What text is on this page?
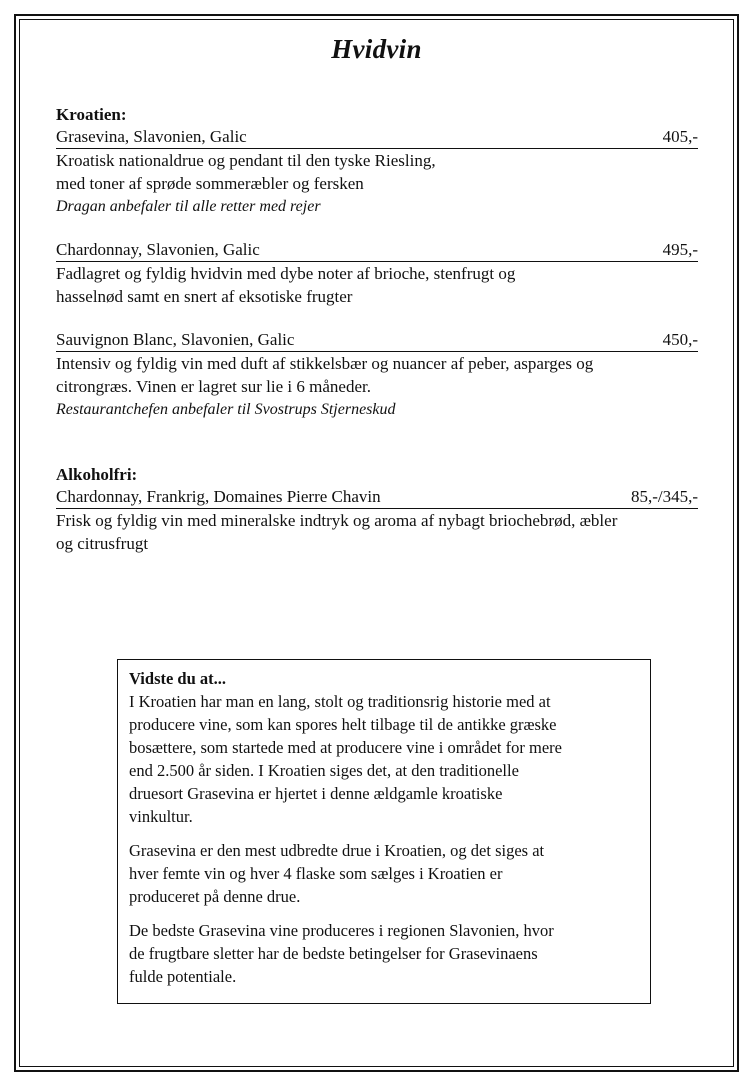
Hvidvin
Kroatien:
Grasevina, Slavonien, Galic	405,-
Kroatisk nationaldrue og pendant til den tyske Riesling,
med toner af sprøde sommeræbler og fersken
Dragan anbefaler til alle retter med rejer
Chardonnay, Slavonien, Galic	495,-
Fadlagret og fyldig hvidvin med dybe noter af brioche, stenfrugt og
hasselnød samt en snert af eksotiske frugter
Sauvignon Blanc, Slavonien, Galic	450,-
Intensiv og fyldig vin med duft af stikkelsbær og nuancer af peber, asparges og
citrongræs. Vinen er lagret sur lie i 6 måneder.
Restaurantchefen anbefaler til Svostrups Stjerneskud
Alkoholfri:
Chardonnay, Frankrig, Domaines Pierre Chavin	85,-/345,-
Frisk og fyldig vin med mineralske indtryk og aroma af nybagt briochebrød, æbler
og citrusfrugt
Vidste du at...
I Kroatien har man en lang, stolt og traditionsrig historie med at
producere vine, som kan spores helt tilbage til de antikke græske
bosættere, som startede med at producere vine i området for mere
end 2.500 år siden. I Kroatien siges det, at den traditionelle
druesort Grasevina er hjertet i denne ældgamle kroatiske
vinkultur.
Grasevina er den mest udbredte drue i Kroatien, og det siges at
hver femte vin og hver 4 flaske som sælges i Kroatien er
produceret på denne drue.
De bedste Grasevina vine produceres i regionen Slavonien, hvor
de frugtbare sletter har de bedste betingelser for Grasevinaens
fulde potentiale.
